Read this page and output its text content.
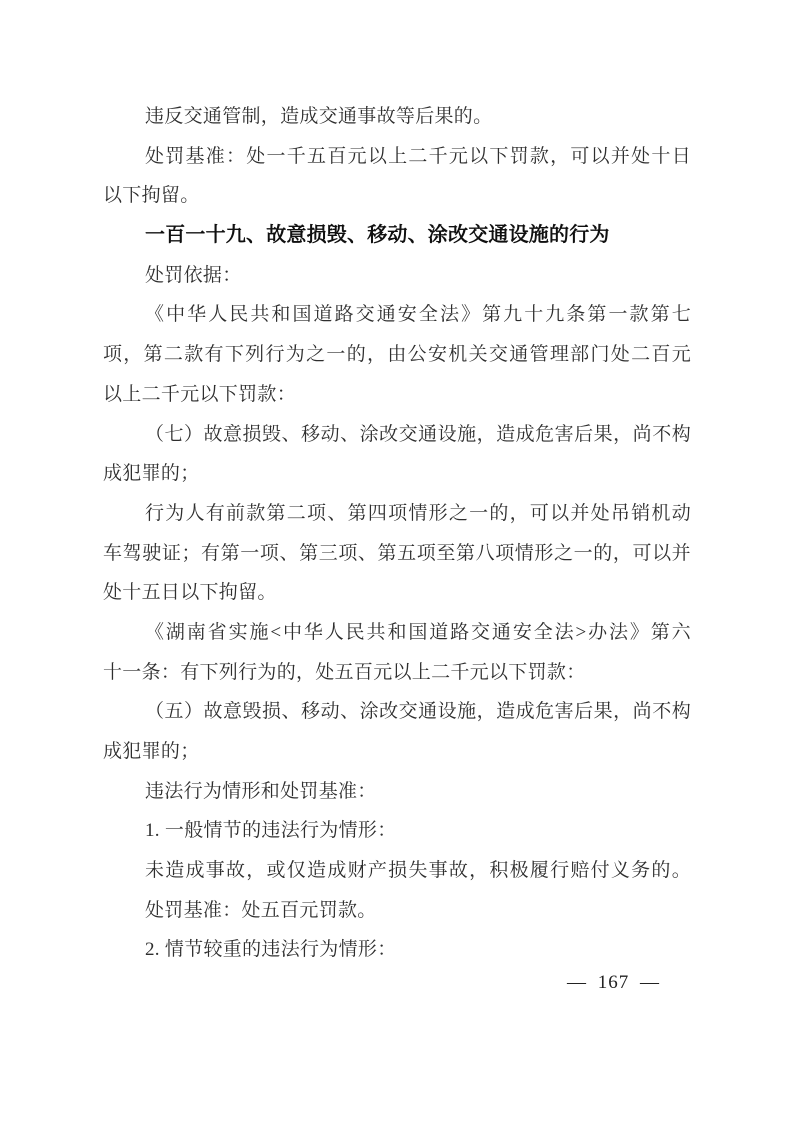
违反交通管制，造成交通事故等后果的。
处罚基准：处一千五百元以上二千元以下罚款，可以并处十日
以下拘留。
一百一十九、故意损毁、移动、涂改交通设施的行为
处罚依据：
《中华人民共和国道路交通安全法》第九十九条第一款第七
项，第二款有下列行为之一的，由公安机关交通管理部门处二百元
以上二千元以下罚款：
（七）故意损毁、移动、涂改交通设施，造成危害后果，尚不构
成犯罪的；
行为人有前款第二项、第四项情形之一的，可以并处吊销机动
车驾驶证；有第一项、第三项、第五项至第八项情形之一的，可以并
处十五日以下拘留。
《湖南省实施<中华人民共和国道路交通安全法>办法》第六
十一条：有下列行为的，处五百元以上二千元以下罚款：
（五）故意毁损、移动、涂改交通设施，造成危害后果，尚不构
成犯罪的；
违法行为情形和处罚基准：
1. 一般情节的违法行为情形：
未造成事故，或仅造成财产损失事故，积极履行赔付义务的。
处罚基准：处五百元罚款。
2. 情节较重的违法行为情形：
— 167 —
